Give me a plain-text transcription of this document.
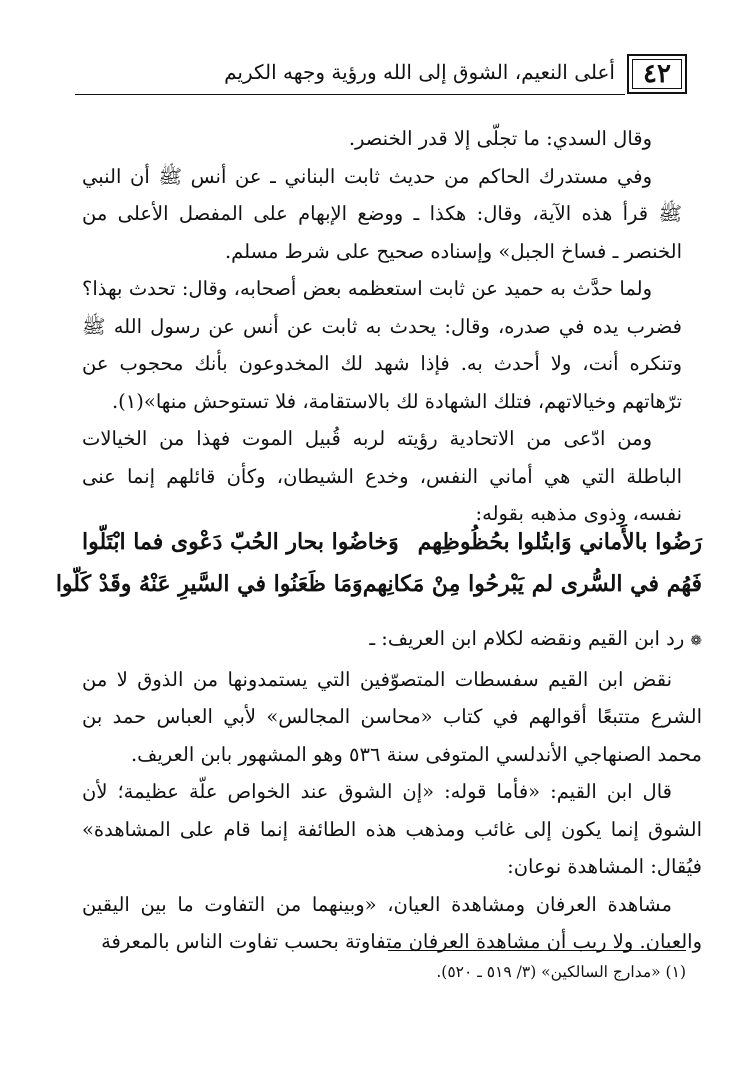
٤٢
أعلى النعيم، الشوق إلى الله ورؤية وجهه الكريم

وقال السدي: ما تجلّى إلا قدر الخنصر.

وفي مستدرك الحاكم من حديث ثابت البناني ـ عن أنس ﷺ أن النبي ﷺ قرأ هذه الآية، وقال: هكذا ـ ووضع الإبهام على المفصل الأعلى من الخنصر ـ فساخ الجبل» وإسناده صحيح على شرط مسلم.

ولما حدَّث به حميد عن ثابت استعظمه بعض أصحابه، وقال: تحدث بهذا؟ فضرب يده في صدره، وقال: يحدث به ثابت عن أنس عن رسول الله ﷺ وتنكره أنت، ولا أحدث به. فإذا شهد لك المخدوعون بأنك محجوب عن ترّهاتهم وخيالاتهم، فتلك الشهادة لك بالاستقامة، فلا تستوحش منها»(١).

ومن ادّعى من الاتحادية رؤيته لربه قُبيل الموت فهذا من الخيالات الباطلة التي هي أماني النفس، وخدع الشيطان، وكأن قائلهم إنما عنى نفسه، وذوى مذهبه بقوله:

رَضُوا بالأَماني وَابتُلوا بحُظُوظِهم
وَخاضُوا بحار الحُبّ دَعْوى فما ابْتَلّوا
فَهُم في السُّرى لم يَبْرحُوا مِنْ مَكانِهم
وَمَا ظَعَنُوا في السَّيرِ عَنْهُ وقَدْ كَلّوا

❁رد ابن القيم ونقضه لكلام ابن العريف: ـ

نقض ابن القيم سفسطات المتصوّفين التي يستمدونها من الذوق لا من الشرع متتبعًا أقوالهم في كتاب «محاسن المجالس» لأبي العباس حمد بن محمد الصنهاجي الأندلسي المتوفى سنة ٥٣٦ وهو المشهور بابن العريف.

قال ابن القيم: «فأما قوله: «إن الشوق عند الخواص علّة عظيمة؛ لأن الشوق إنما يكون إلى غائب ومذهب هذه الطائفة إنما قام على المشاهدة» فيُقال: المشاهدة نوعان:

مشاهدة العرفان ومشاهدة العيان، «وبينهما من التفاوت ما بين اليقين والعيان. ولا ريب أن مشاهدة العرفان متفاوتة بحسب تفاوت الناس بالمعرفة

(١) «مدارج السالكين» (٣/ ٥١٩ ـ ٥٢٠).
